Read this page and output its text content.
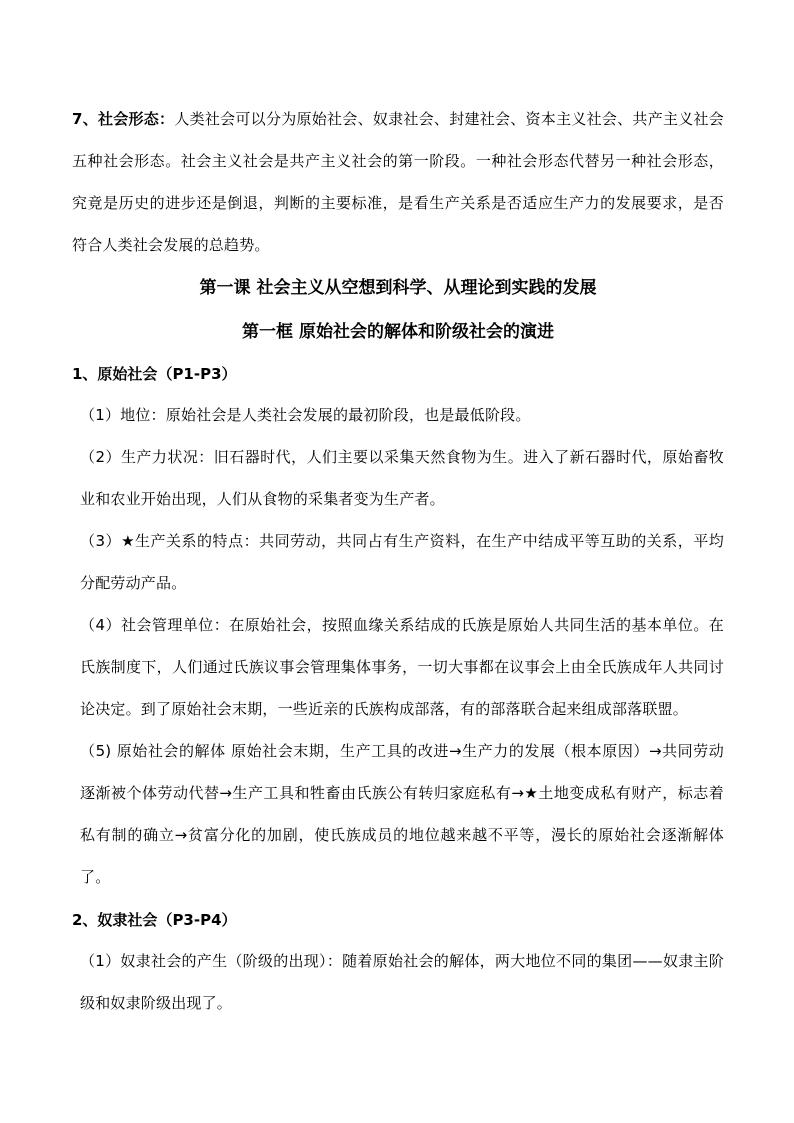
7、社会形态：人类社会可以分为原始社会、奴隶社会、封建社会、资本主义社会、共产主义社会五种社会形态。社会主义社会是共产主义社会的第一阶段。一种社会形态代替另一种社会形态，究竟是历史的进步还是倒退，判断的主要标准，是看生产关系是否适应生产力的发展要求，是否符合人类社会发展的总趋势。

第一课 社会主义从空想到科学、从理论到实践的发展

第一框 原始社会的解体和阶级社会的演进

1、原始社会（P1-P3）

（1）地位：原始社会是人类社会发展的最初阶段，也是最低阶段。

（2）生产力状况：旧石器时代，人们主要以采集天然食物为生。进入了新石器时代，原始畜牧业和农业开始出现，人们从食物的采集者变为生产者。

（3）★生产关系的特点：共同劳动，共同占有生产资料，在生产中结成平等互助的关系，平均分配劳动产品。

（4）社会管理单位：在原始社会，按照血缘关系结成的氏族是原始人共同生活的基本单位。在氏族制度下，人们通过氏族议事会管理集体事务，一切大事都在议事会上由全氏族成年人共同讨论决定。到了原始社会末期，一些近亲的氏族构成部落，有的部落联合起来组成部落联盟。

（5) 原始社会的解体 原始社会末期，生产工具的改进→生产力的发展（根本原因）→共同劳动逐渐被个体劳动代替→生产工具和牲畜由氏族公有转归家庭私有→★土地变成私有财产，标志着私有制的确立→贫富分化的加剧，使氏族成员的地位越来越不平等，漫长的原始社会逐渐解体了。

2、奴隶社会（P3-P4）

（1）奴隶社会的产生（阶级的出现）：随着原始社会的解体，两大地位不同的集团——奴隶主阶级和奴隶阶级出现了。
